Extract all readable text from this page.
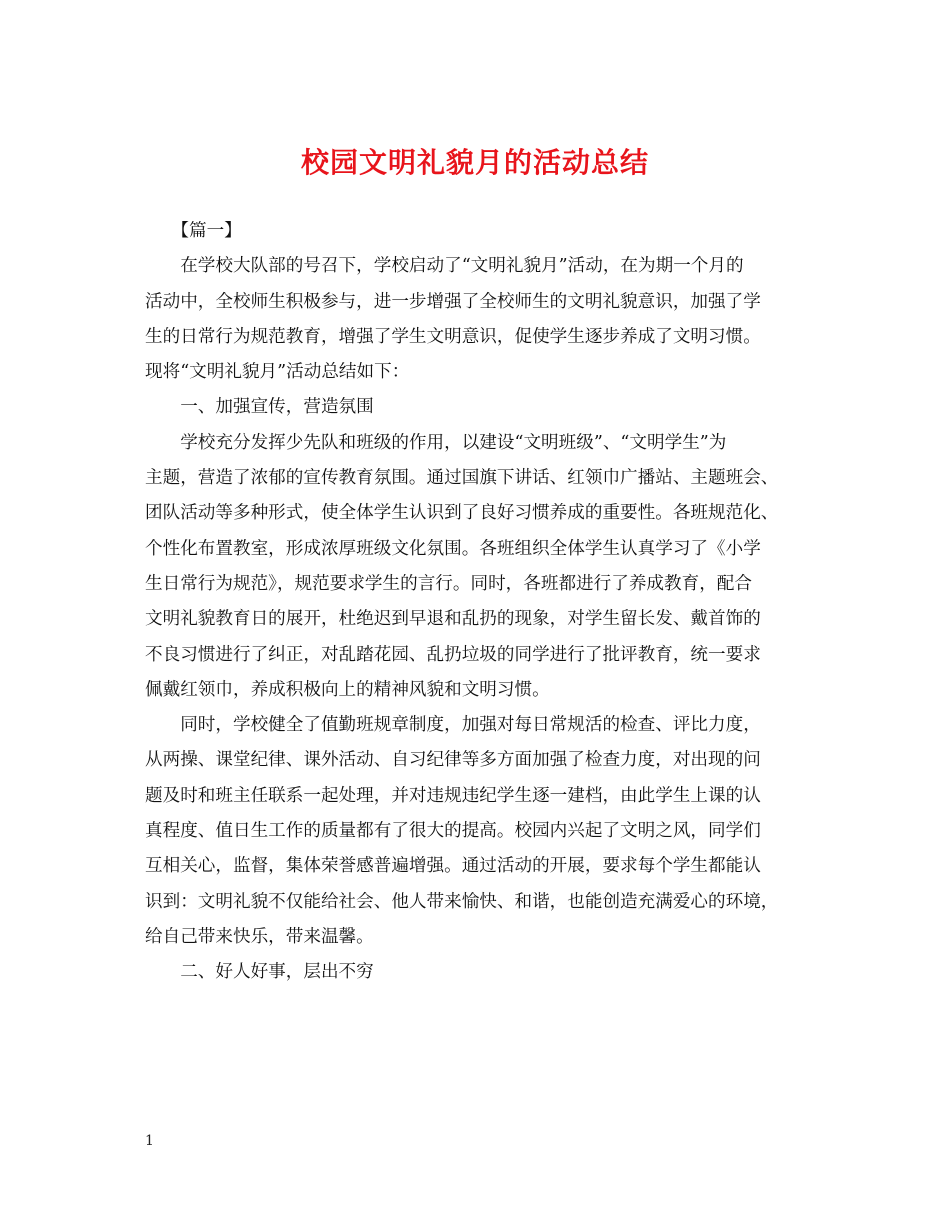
校园文明礼貌月的活动总结

　　【篇一】

　　在学校大队部的号召下，学校启动了“文明礼貌月”活动，在为期一个月的

活动中，全校师生积极参与，进一步增强了全校师生的文明礼貌意识，加强了学

生的日常行为规范教育，增强了学生文明意识，促使学生逐步养成了文明习惯。

现将“文明礼貌月”活动总结如下：

　　一、加强宣传，营造氛围

　　学校充分发挥少先队和班级的作用，以建设“文明班级”、“文明学生”为

主题，营造了浓郁的宣传教育氛围。通过国旗下讲话、红领巾广播站、主题班会、

团队活动等多种形式，使全体学生认识到了良好习惯养成的重要性。各班规范化、

个性化布置教室，形成浓厚班级文化氛围。各班组织全体学生认真学习了《小学

生日常行为规范》，规范要求学生的言行。同时，各班都进行了养成教育，配合

文明礼貌教育日的展开，杜绝迟到早退和乱扔的现象，对学生留长发、戴首饰的

不良习惯进行了纠正，对乱踏花园、乱扔垃圾的同学进行了批评教育，统一要求

佩戴红领巾，养成积极向上的精神风貌和文明习惯。

　　同时，学校健全了值勤班规章制度，加强对每日常规活的检查、评比力度，

从两操、课堂纪律、课外活动、自习纪律等多方面加强了检查力度，对出现的问

题及时和班主任联系一起处理，并对违规违纪学生逐一建档，由此学生上课的认

真程度、值日生工作的质量都有了很大的提高。校园内兴起了文明之风，同学们

互相关心，监督，集体荣誉感普遍增强。通过活动的开展，要求每个学生都能认

识到：文明礼貌不仅能给社会、他人带来愉快、和谐，也能创造充满爱心的环境，

给自己带来快乐，带来温馨。

　　二、好人好事，层出不穷

1
